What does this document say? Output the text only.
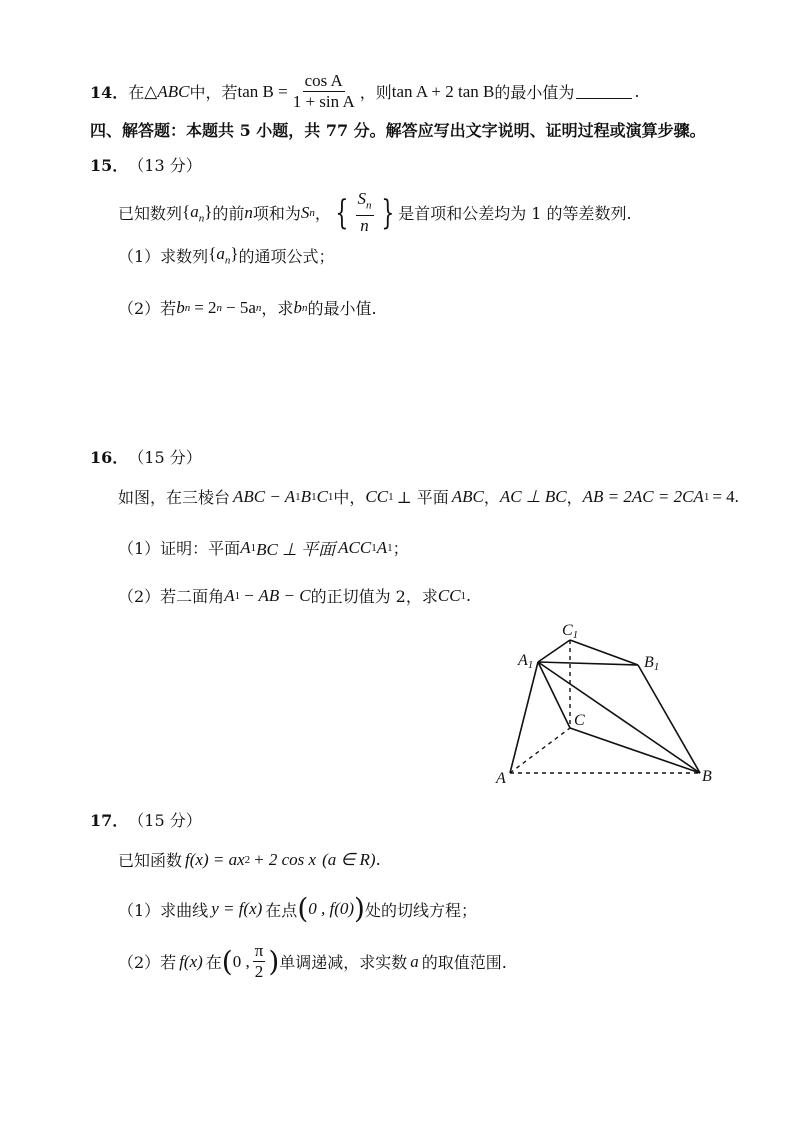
14． 在 △ ABC 中，若 $\tan B = \frac{\text{cos A}}{\text{1 + sin A}}$ ，则 tan A + 2 tan B 的最小值为	.
四、解答题：本题共 5 小题，共 77 分。解答应写出文字说明、证明过程或演算步骤。
15． （13 分）
已知数列 $\{a_n\}$ 的前 n 项和为 S n ， { $\frac{S_n}{n}$ } 是首项和公差均为 1 的等差数列.
（1）求数列 $\{a_n\}$ 的通项公式；
（2）若 b n = 2 n − 5a n ，求 b n 的最小值.
16． （15 分）
如图，在三棱台 ABC − A 1 B 1 C 1 中， CC 1 ⊥ 平面 ABC ， AC ⊥ BC ， AB = 2AC = 2CA 1 = 4 .
（1）证明：平面 A 1 BC ⊥ 平面 ACC 1 A 1 ；
（2）若二面角 A 1 − AB − C 的正切值为 2，求 CC 1 .
A1
C1
B1
C
A	B
17． （15 分）
已知函数 f(x) = ax 2 + 2 cos x (a ∈ R) .
（1）求曲线 y = f(x) 在点 ( 0 , f(0) ) 处的切线方程；
（2）若 f(x) 在 ( 0 , $\frac{\pi}{2}$ ) 单调递减，求实数 a 的取值范围.
